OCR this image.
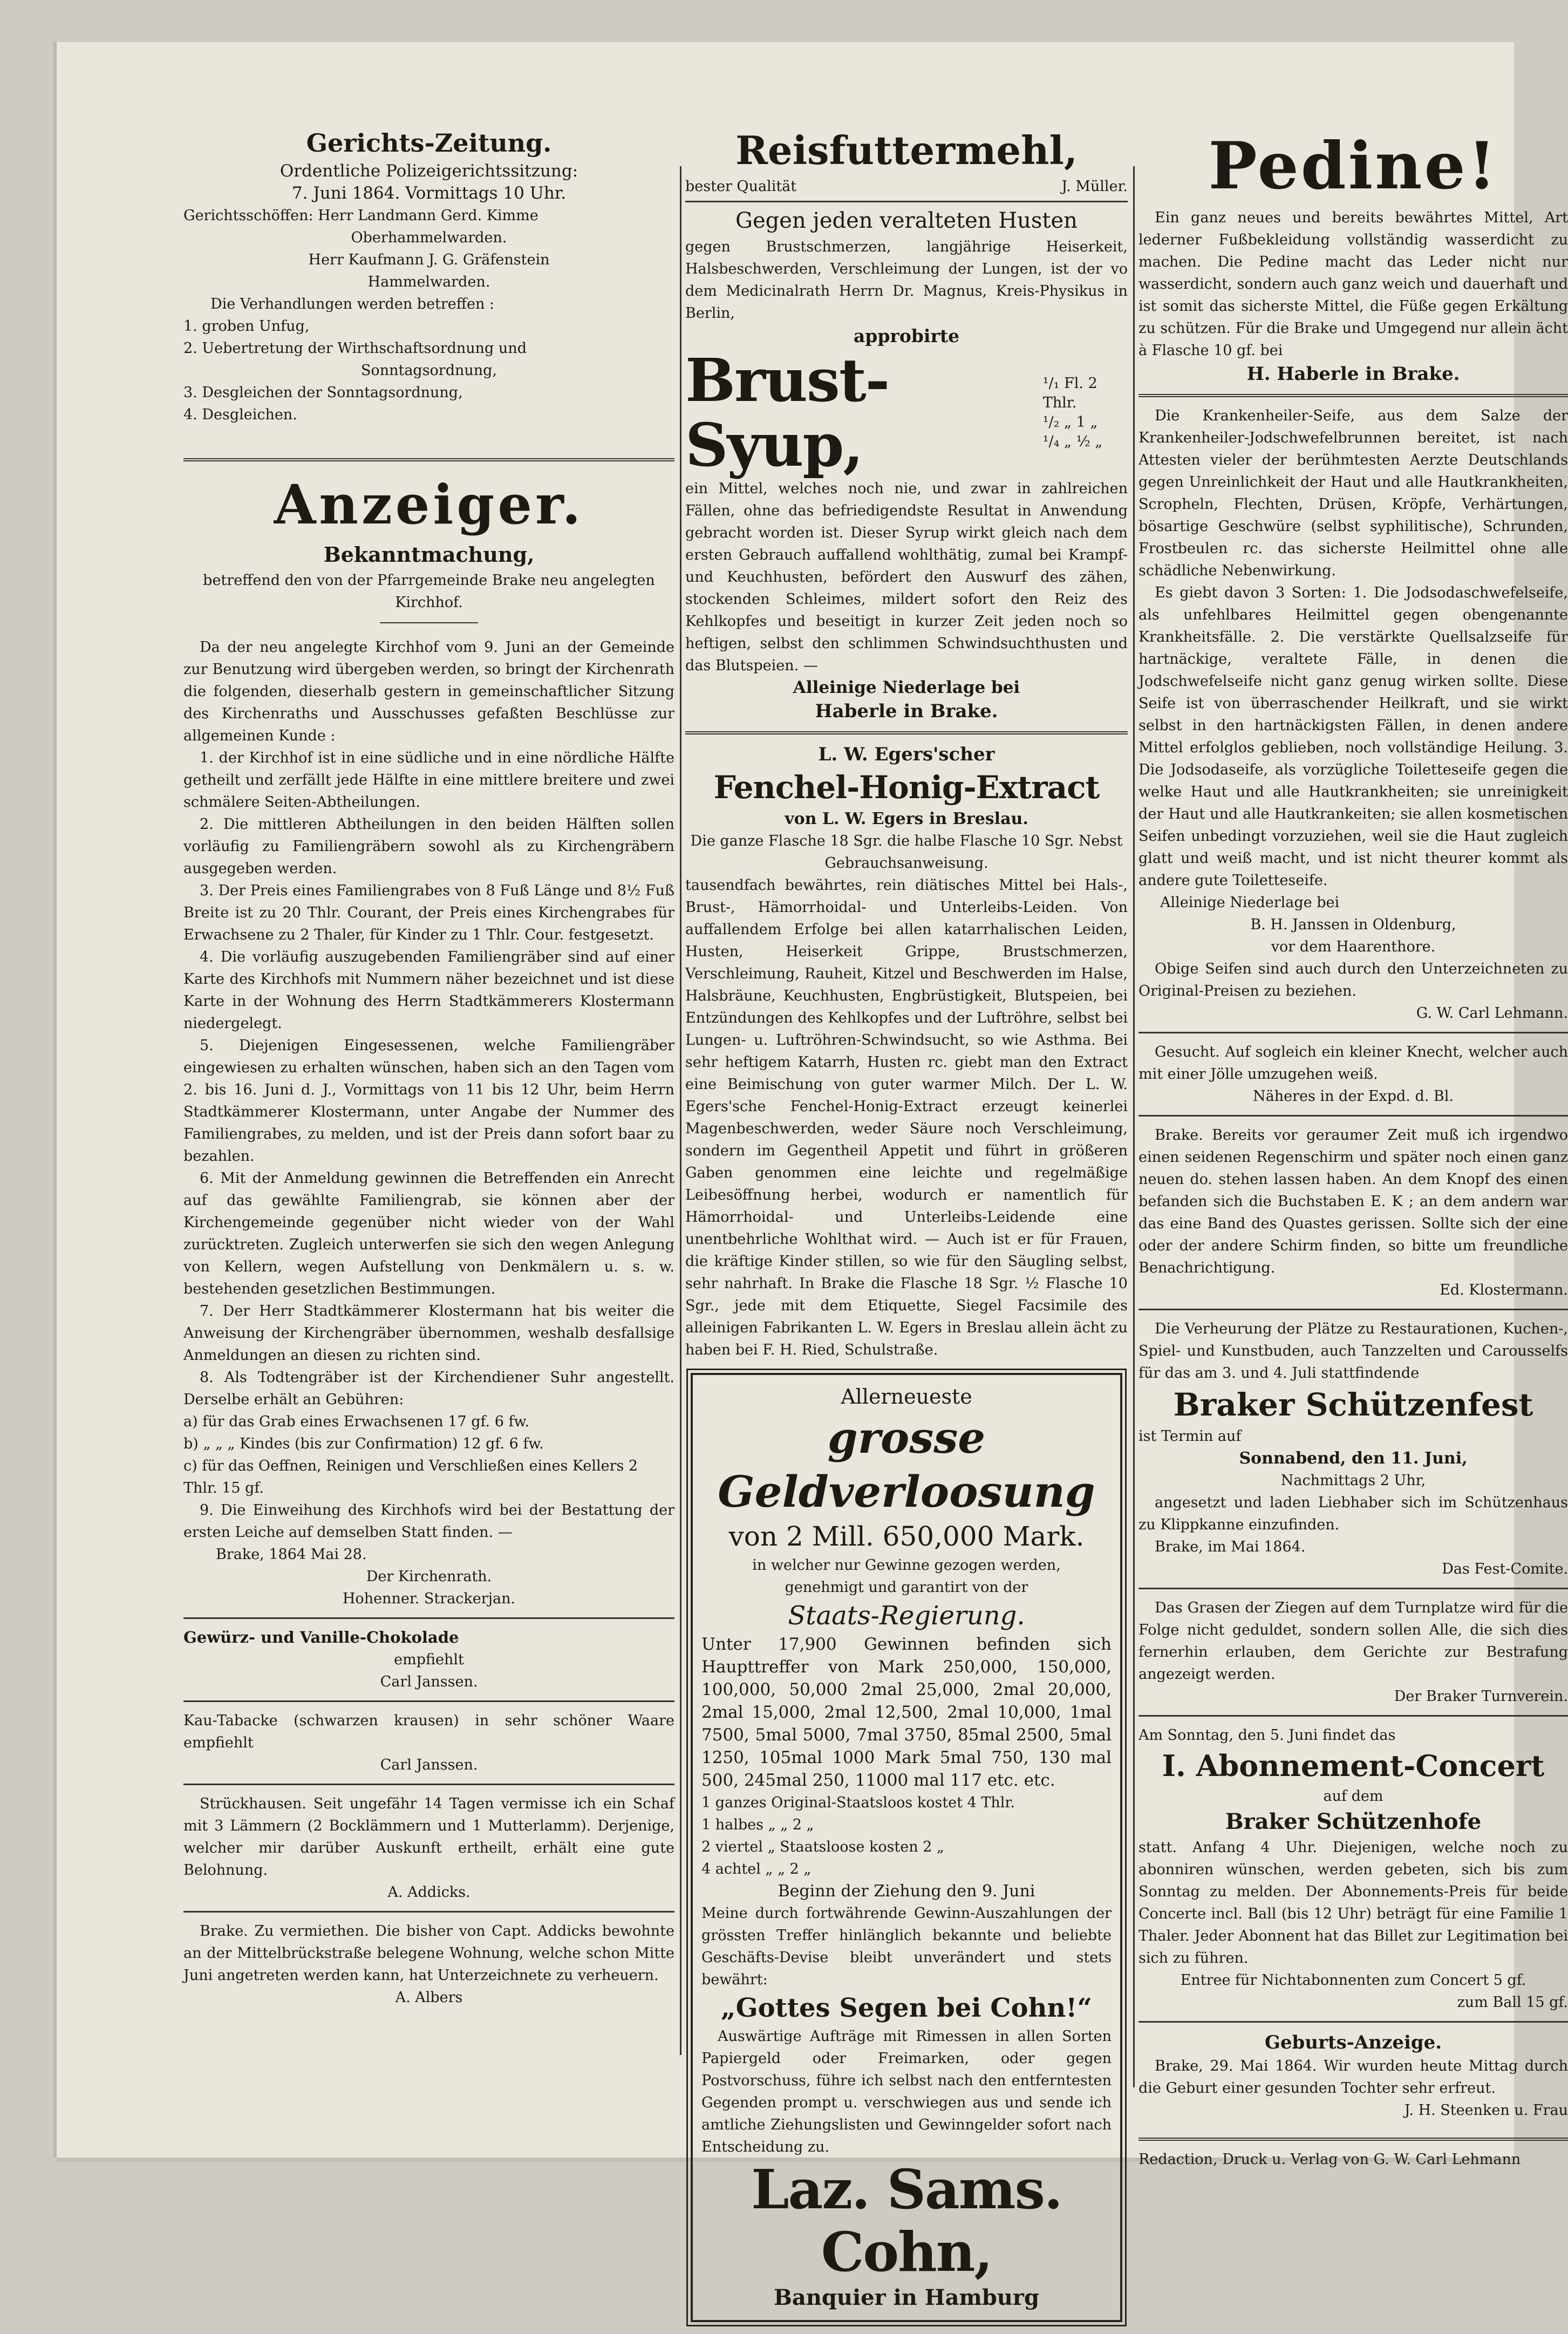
Gerichts-Zeitung.

Ordentliche Polizeigerichtssitzung:

7. Juni 1864. Vormittags 10 Uhr.

Gerichtsschöffen: Herr Landmann Gerd. Kimme

Oberhammelwarden.

Herr Kaufmann J. G. Gräfenstein

Hammelwarden.

Die Verhandlungen werden betreffen :

1. groben Unfug,

2. Uebertretung der Wirthschaftsordnung und

Sonntagsordnung,

3. Desgleichen der Sonntagsordnung,

4. Desgleichen.

Anzeiger.

Bekanntmachung,

betreffend den von der Pfarrgemeinde Brake neu angelegten Kirchhof.

Da der neu angelegte Kirchhof vom 9. Juni an der Gemeinde zur Benutzung wird übergeben werden, so bringt der Kirchenrath die folgenden, dieserhalb gestern in gemeinschaftlicher Sitzung des Kirchenraths und Ausschusses gefaßten Beschlüsse zur allgemeinen Kunde :

1. der Kirchhof ist in eine südliche und in eine nördliche Hälfte getheilt und zerfällt jede Hälfte in eine mittlere breitere und zwei schmälere Seiten-Abtheilungen.

2. Die mittleren Abtheilungen in den beiden Hälften sollen vorläufig zu Familiengräbern sowohl als zu Kirchengräbern ausgegeben werden.

3. Der Preis eines Familiengrabes von 8 Fuß Länge und 8½ Fuß Breite ist zu 20 Thlr. Courant, der Preis eines Kirchengrabes für Erwachsene zu 2 Thaler, für Kinder zu 1 Thlr. Cour. festgesetzt.

4. Die vorläufig auszugebenden Familiengräber sind auf einer Karte des Kirchhofs mit Nummern näher bezeichnet und ist diese Karte in der Wohnung des Herrn Stadtkämmerers Klostermann niedergelegt.

5. Diejenigen Eingesessenen, welche Familiengräber eingewiesen zu erhalten wünschen, haben sich an den Tagen vom 2. bis 16. Juni d. J., Vormittags von 11 bis 12 Uhr, beim Herrn Stadtkämmerer Klostermann, unter Angabe der Nummer des Familiengrabes, zu melden, und ist der Preis dann sofort baar zu bezahlen.

6. Mit der Anmeldung gewinnen die Betreffenden ein Anrecht auf das gewählte Familiengrab, sie können aber der Kirchengemeinde gegenüber nicht wieder von der Wahl zurücktreten. Zugleich unterwerfen sie sich den wegen Anlegung von Kellern, wegen Aufstellung von Denkmälern u. s. w. bestehenden gesetzlichen Bestimmungen.

7. Der Herr Stadtkämmerer Klostermann hat bis weiter die Anweisung der Kirchengräber übernommen, weshalb desfallsige Anmeldungen an diesen zu richten sind.

8. Als Todtengräber ist der Kirchendiener Suhr angestellt. Derselbe erhält an Gebühren:

a) für das Grab eines Erwachsenen 17 gf. 6 fw.

b) „ „ „ Kindes (bis zur Confirmation) 12 gf. 6 fw.

c) für das Oeffnen, Reinigen und Verschließen eines Kellers 2 Thlr. 15 gf.

9. Die Einweihung des Kirchhofs wird bei der Bestattung der ersten Leiche auf demselben Statt finden. —

Brake, 1864 Mai 28.

Der Kirchenrath.

Hohenner. Strackerjan.

Gewürz- und Vanille-Chokolade

empfiehlt

Carl Janssen.

Kau-Tabacke (schwarzen krausen) in sehr schöner Waare empfiehlt

Carl Janssen.

Strückhausen. Seit ungefähr 14 Tagen vermisse ich ein Schaf mit 3 Lämmern (2 Bocklämmern und 1 Mutterlamm). Derjenige, welcher mir darüber Auskunft ertheilt, erhält eine gute Belohnung.

A. Addicks.

Brake. Zu vermiethen. Die bisher von Capt. Addicks bewohnte an der Mittelbrückstraße belegene Wohnung, welche schon Mitte Juni angetreten werden kann, hat Unterzeichnete zu verheuern.

A. Albers

Reisfuttermehl,

bester Qualität	J. Müller.

Gegen jeden veralteten Husten

gegen Brustschmerzen, langjährige Heiserkeit, Halsbeschwerden, Verschleimung der Lungen, ist der vo dem Medicinalrath Herrn Dr. Magnus, Kreis-Physikus in Berlin,

approbirte

Brust-Syup,
¹/₁ Fl. 2 Thlr.
¹/₂ „ 1 „
¹/₄ „ ½ „

ein Mittel, welches noch nie, und zwar in zahlreichen Fällen, ohne das befriedigendste Resultat in Anwendung gebracht worden ist. Dieser Syrup wirkt gleich nach dem ersten Gebrauch auffallend wohlthätig, zumal bei Krampf- und Keuchhusten, befördert den Auswurf des zähen, stockenden Schleimes, mildert sofort den Reiz des Kehlkopfes und beseitigt in kurzer Zeit jeden noch so heftigen, selbst den schlimmen Schwindsuchthusten und das Blutspeien. —

Alleinige Niederlage bei

Haberle in Brake.

L. W. Egers'scher

Fenchel-Honig-Extract

von L. W. Egers in Breslau.

Die ganze Flasche 18 Sgr. die halbe Flasche 10 Sgr. Nebst Gebrauchsanweisung.

tausendfach bewährtes, rein diätisches Mittel bei Hals-, Brust-, Hämorrhoidal- und Unterleibs-Leiden. Von auffallendem Erfolge bei allen katarrhalischen Leiden, Husten, Heiserkeit Grippe, Brustschmerzen, Verschleimung, Rauheit, Kitzel und Beschwerden im Halse, Halsbräune, Keuchhusten, Engbrüstigkeit, Blutspeien, bei Entzündungen des Kehlkopfes und der Luftröhre, selbst bei Lungen- u. Luftröhren-Schwindsucht, so wie Asthma. Bei sehr heftigem Katarrh, Husten rc. giebt man den Extract eine Beimischung von guter warmer Milch. Der L. W. Egers'sche Fenchel-Honig-Extract erzeugt keinerlei Magenbeschwerden, weder Säure noch Verschleimung, sondern im Gegentheil Appetit und führt in größeren Gaben genommen eine leichte und regelmäßige Leibesöffnung herbei, wodurch er namentlich für Hämorrhoidal- und Unterleibs-Leidende eine unentbehrliche Wohlthat wird. — Auch ist er für Frauen, die kräftige Kinder stillen, so wie für den Säugling selbst, sehr nahrhaft. In Brake die Flasche 18 Sgr. ½ Flasche 10 Sgr., jede mit dem Etiquette, Siegel Facsimile des alleinigen Fabrikanten L. W. Egers in Breslau allein ächt zu haben bei F. H. Ried, Schulstraße.

Allerneueste

grosse Geldverloosung

von 2 Mill. 650,000 Mark.

in welcher nur Gewinne gezogen werden,

genehmigt und garantirt von der

Staats-Regierung.

Unter 17,900 Gewinnen befinden sich Haupttreffer von Mark 250,000, 150,000, 100,000, 50,000 2mal 25,000, 2mal 20,000, 2mal 15,000, 2mal 12,500, 2mal 10,000, 1mal 7500, 5mal 5000, 7mal 3750, 85mal 2500, 5mal 1250, 105mal 1000 Mark 5mal 750, 130 mal 500, 245mal 250, 11000 mal 117 etc. etc.

1 ganzes Original-Staatsloos kostet 4 Thlr.

1 halbes „ „ 2 „

2 viertel „ Staatsloose kosten 2 „

4 achtel „ „ 2 „

Beginn der Ziehung den 9. Juni

Meine durch fortwährende Gewinn-Auszahlungen der grössten Treffer hinlänglich bekannte und beliebte Geschäfts-Devise bleibt unverändert und stets bewährt:

„Gottes Segen bei Cohn!“

Auswärtige Aufträge mit Rimessen in allen Sorten Papiergeld oder Freimarken, oder gegen Postvorschuss, führe ich selbst nach den entferntesten Gegenden prompt u. verschwiegen aus und sende ich amtliche Ziehungslisten und Gewinngelder sofort nach Entscheidung zu.

Laz. Sams. Cohn,

Banquier in Hamburg

Pedine!

Ein ganz neues und bereits bewährtes Mittel, Art lederner Fußbekleidung vollständig wasserdicht zu machen. Die Pedine macht das Leder nicht nur wasserdicht, sondern auch ganz weich und dauerhaft und ist somit das sicherste Mittel, die Füße gegen Erkältung zu schützen. Für die Brake und Umgegend nur allein ächt à Flasche 10 gf. bei

H. Haberle in Brake.

Die Krankenheiler-Seife, aus dem Salze der Krankenheiler-Jodschwefelbrunnen bereitet, ist nach Attesten vieler der berühmtesten Aerzte Deutschlands gegen Unreinlichkeit der Haut und alle Hautkrankheiten, Scropheln, Flechten, Drüsen, Kröpfe, Verhärtungen, bösartige Geschwüre (selbst syphilitische), Schrunden, Frostbeulen rc. das sicherste Heilmittel ohne alle schädliche Nebenwirkung.

Es giebt davon 3 Sorten: 1. Die Jodsodaschwefelseife, als unfehlbares Heilmittel gegen obengenannte Krankheitsfälle. 2. Die verstärkte Quellsalzseife für hartnäckige, veraltete Fälle, in denen die Jodschwefelseife nicht ganz genug wirken sollte. Diese Seife ist von überraschender Heilkraft, und sie wirkt selbst in den hartnäckigsten Fällen, in denen andere Mittel erfolglos geblieben, noch vollständige Heilung. 3. Die Jodsodaseife, als vorzügliche Toiletteseife gegen die welke Haut und alle Hautkrankheiten; sie unreinigkeit der Haut und alle Hautkrankeiten; sie allen kosmetischen Seifen unbedingt vorzuziehen, weil sie die Haut zugleich glatt und weiß macht, und ist nicht theurer kommt als andere gute Toiletteseife.

Alleinige Niederlage bei

B. H. Janssen in Oldenburg,

vor dem Haarenthore.

Obige Seifen sind auch durch den Unterzeichneten zu Original-Preisen zu beziehen.

G. W. Carl Lehmann.

Gesucht. Auf sogleich ein kleiner Knecht, welcher auch mit einer Jölle umzugehen weiß.

Näheres in der Expd. d. Bl.

Brake. Bereits vor geraumer Zeit muß ich irgendwo einen seidenen Regenschirm und später noch einen ganz neuen do. stehen lassen haben. An dem Knopf des einen befanden sich die Buchstaben E. K ; an dem andern war das eine Band des Quastes gerissen. Sollte sich der eine oder der andere Schirm finden, so bitte um freundliche Benachrichtigung.

Ed. Klostermann.

Die Verheurung der Plätze zu Restaurationen, Kuchen-, Spiel- und Kunstbuden, auch Tanzzelten und Carousselfs für das am 3. und 4. Juli stattfindende

Braker Schützenfest

ist Termin auf

Sonnabend, den 11. Juni,

Nachmittags 2 Uhr,

angesetzt und laden Liebhaber sich im Schützenhaus zu Klippkanne einzufinden.

Brake, im Mai 1864.

Das Fest-Comite.

Das Grasen der Ziegen auf dem Turnplatze wird für die Folge nicht geduldet, sondern sollen Alle, die sich dies fernerhin erlauben, dem Gerichte zur Bestrafung angezeigt werden.

Der Braker Turnverein.

Am Sonntag, den 5. Juni findet das

I. Abonnement-Concert

auf dem

Braker Schützenhofe

statt. Anfang 4 Uhr. Diejenigen, welche noch zu abonniren wünschen, werden gebeten, sich bis zum Sonntag zu melden. Der Abonnements-Preis für beide Concerte incl. Ball (bis 12 Uhr) beträgt für eine Familie 1 Thaler. Jeder Abonnent hat das Billet zur Legitimation bei sich zu führen.

Entree für Nichtabonnenten zum Concert 5 gf.

zum Ball 15 gf.

Geburts-Anzeige.

Brake, 29. Mai 1864. Wir wurden heute Mittag durch die Geburt einer gesunden Tochter sehr erfreut.

J. H. Steenken u. Frau

Redaction, Druck u. Verlag von G. W. Carl Lehmann
